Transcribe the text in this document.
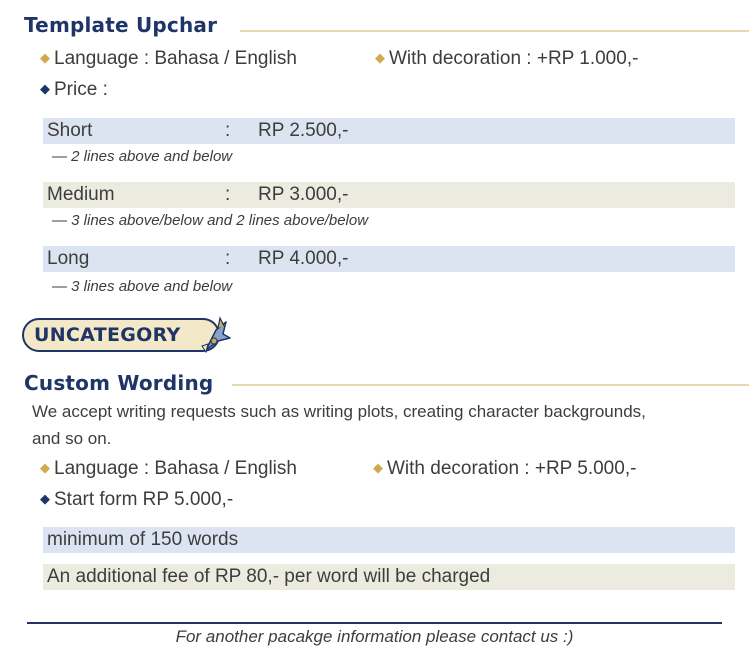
Template Upchar
◆ Language : Bahasa / English	◆ With decoration : +RP 1.000,-
◆ Price :
Short	: RP 2.500,-
— 2 lines above and below
Medium	: RP 3.000,-
— 3 lines above/below and 2 lines above/below
Long	: RP 4.000,-
— 3 lines above and below
UNCATEGORY
Custom Wording
We accept writing requests such as writing plots, creating character backgrounds,
and so on.
◆ Language : Bahasa / English	◆ With decoration : +RP 5.000,-
◆ Start form RP 5.000,-
minimum of 150 words
An additional fee of RP 80,- per word will be charged
For another pacakge information please contact us :)
